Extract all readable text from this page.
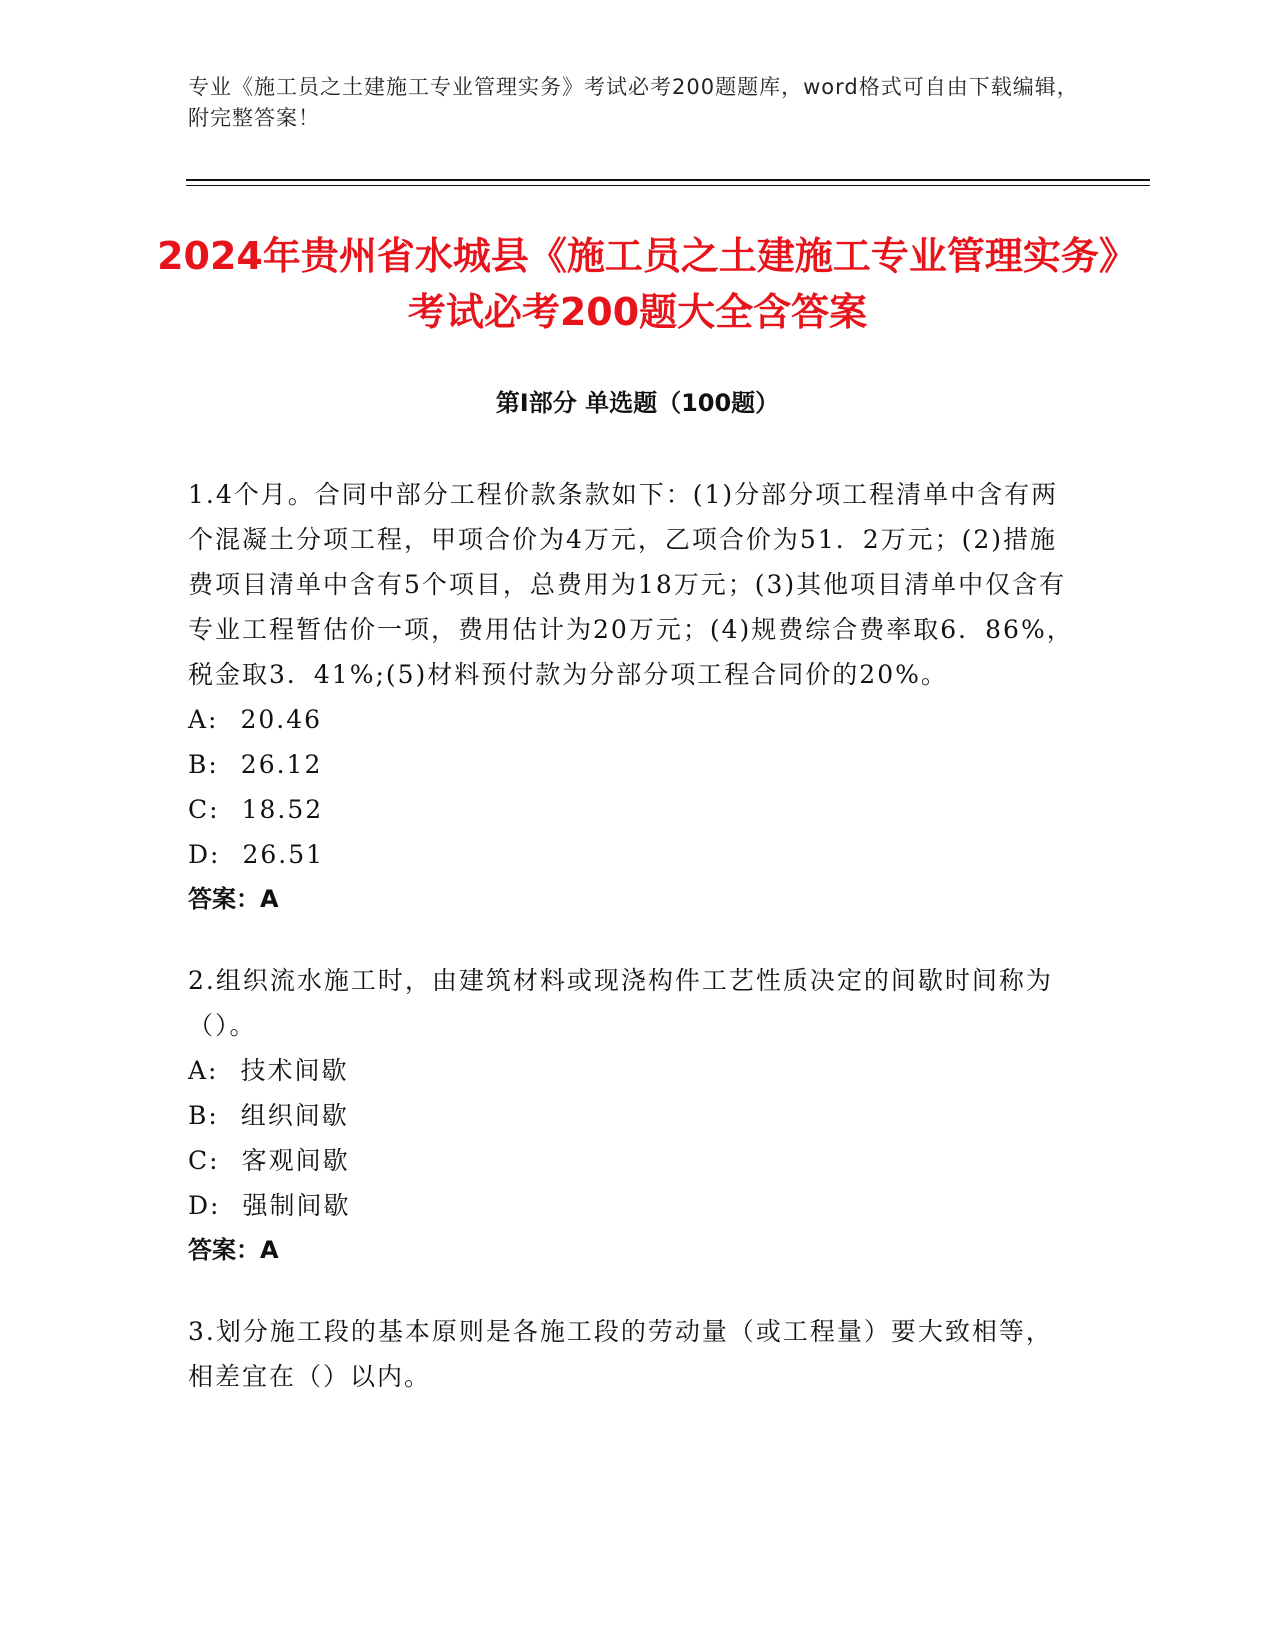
专业《施工员之土建施工专业管理实务》考试必考200题题库，word格式可自由下载编辑，附完整答案！
2024年贵州省水城县《施工员之土建施工专业管理实务》考试必考200题大全含答案
第I部分 单选题（100题）
1.4个月。合同中部分工程价款条款如下：(1)分部分项工程清单中含有两个混凝土分项工程，甲项合价为4万元，乙项合价为51．2万元；(2)措施费项目清单中含有5个项目，总费用为18万元；(3)其他项目清单中仅含有专业工程暂估价一项，费用估计为20万元；(4)规费综合费率取6．86%，税金取3．41%;(5)材料预付款为分部分项工程合同价的20%。
A: 20.46
B: 26.12
C: 18.52
D: 26.51
答案：A
2.组织流水施工时，由建筑材料或现浇构件工艺性质决定的间歇时间称为（）。
A: 技术间歇
B: 组织间歇
C: 客观间歇
D: 强制间歇
答案：A
3.划分施工段的基本原则是各施工段的劳动量（或工程量）要大致相等，相差宜在（）以内。
